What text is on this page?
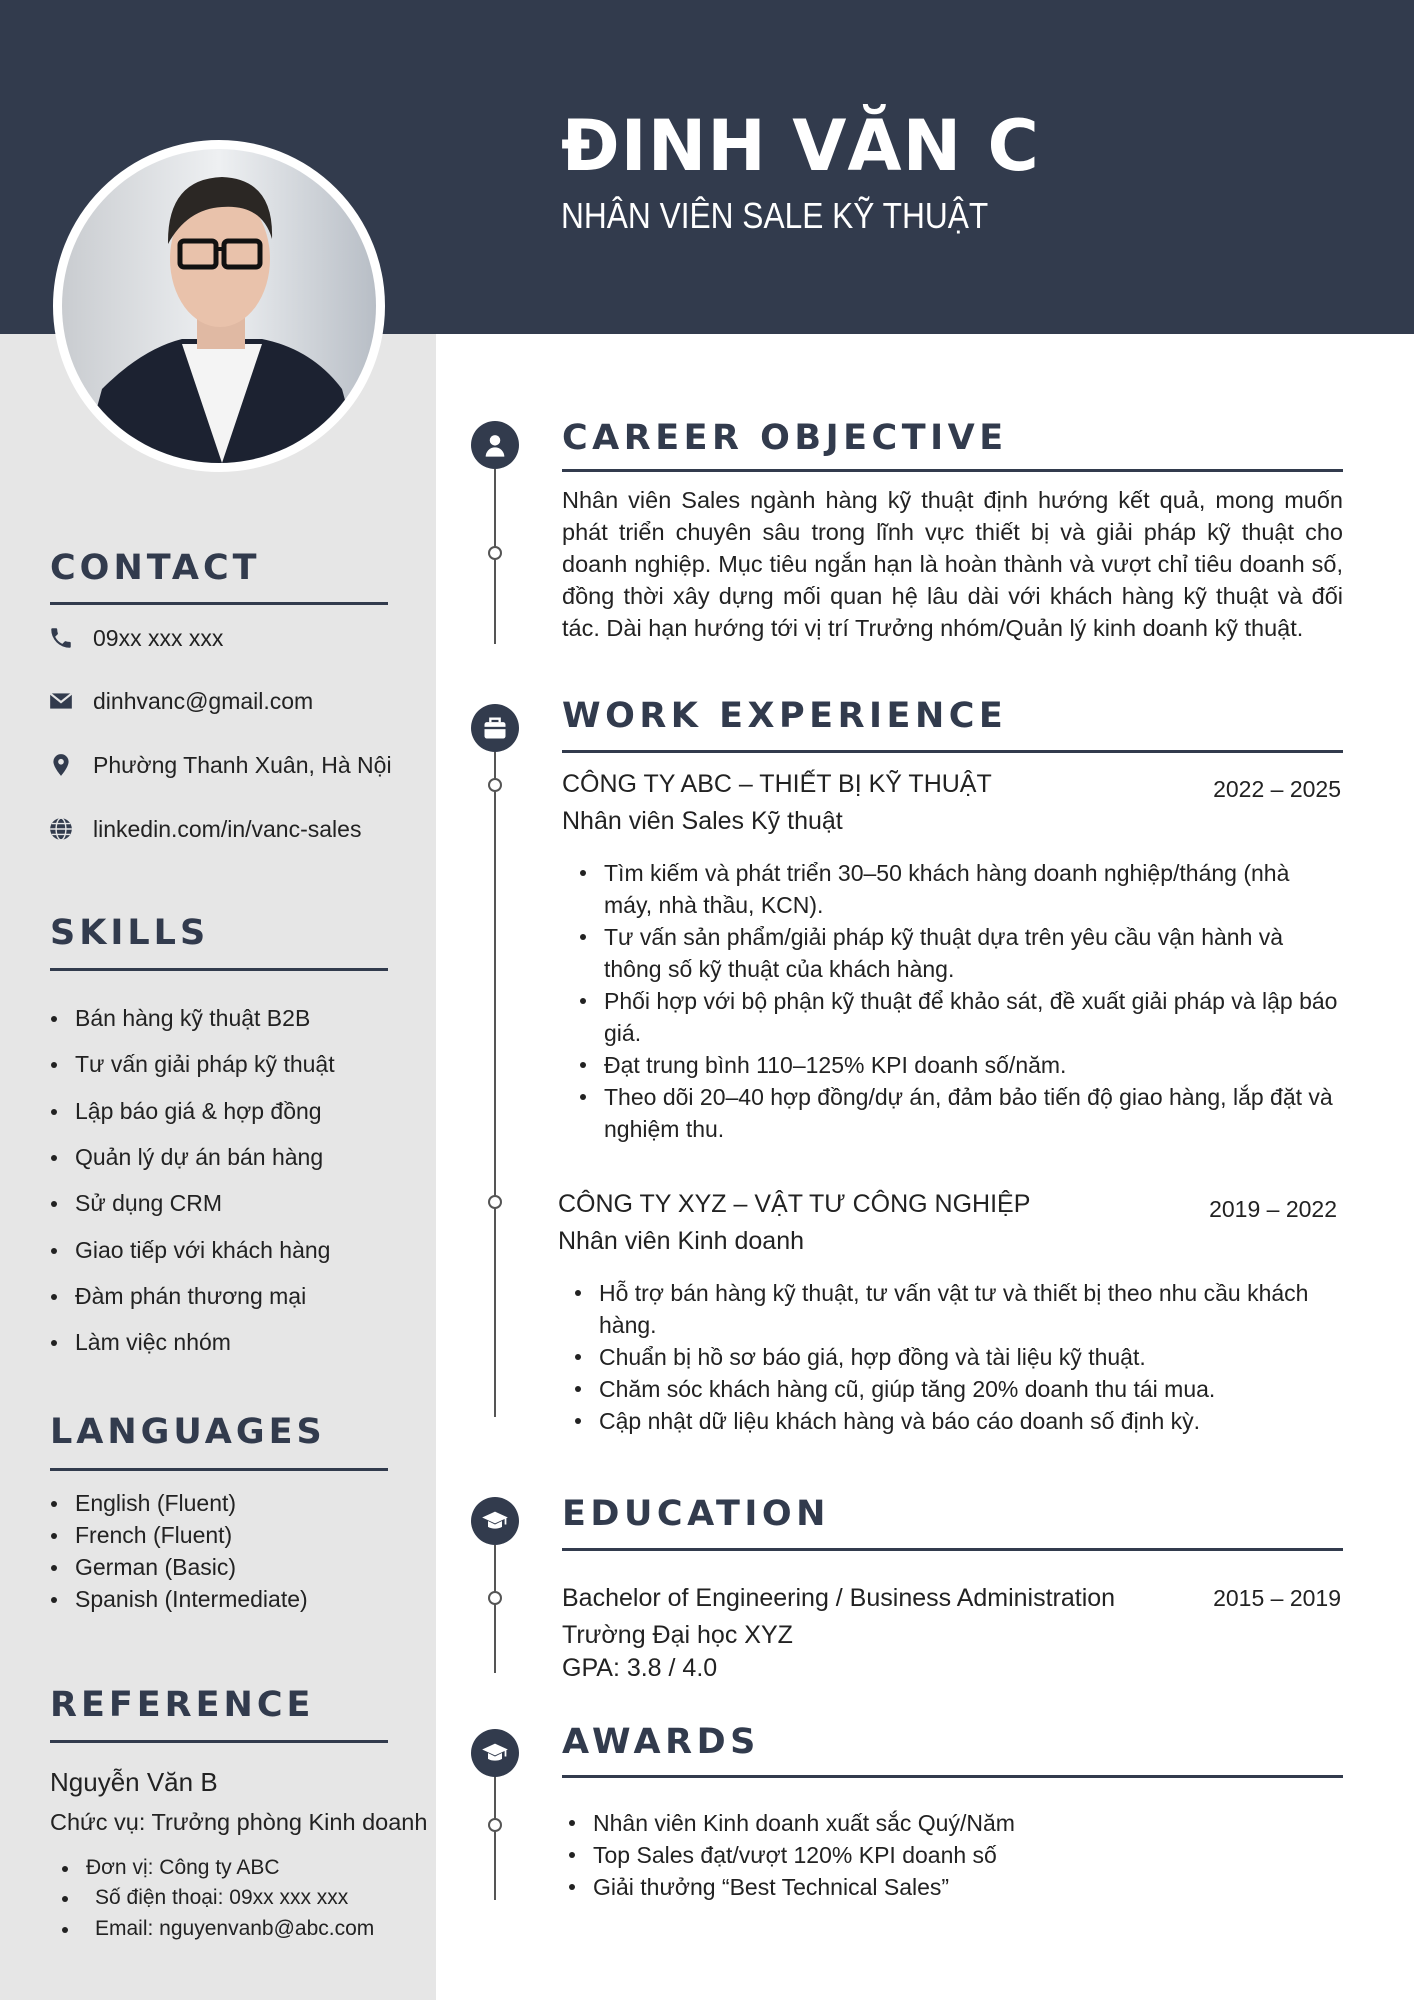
ĐINH VĂN C
NHÂN VIÊN SALE KỸ THUẬT
CONTACT
09xx xxx xxx
dinhvanc@gmail.com
Phường Thanh Xuân, Hà Nội
linkedin.com/in/vanc-sales
SKILLS
Bán hàng kỹ thuật B2B
Tư vấn giải pháp kỹ thuật
Lập báo giá & hợp đồng
Quản lý dự án bán hàng
Sử dụng CRM
Giao tiếp với khách hàng
Đàm phán thương mại
Làm việc nhóm
LANGUAGES
English (Fluent)
French (Fluent)
German (Basic)
Spanish (Intermediate)
REFERENCE
Nguyễn Văn B
Chức vụ: Trưởng phòng Kinh doanh
Đơn vị: Công ty ABC
Số điện thoại: 09xx xxx xxx
Email: nguyenvanb@abc.com
CAREER OBJECTIVE
Nhân viên Sales ngành hàng kỹ thuật định hướng kết quả, mong muốn phát triển chuyên sâu trong lĩnh vực thiết bị và giải pháp kỹ thuật cho doanh nghiệp. Mục tiêu ngắn hạn là hoàn thành và vượt chỉ tiêu doanh số, đồng thời xây dựng mối quan hệ lâu dài với khách hàng kỹ thuật và đối tác. Dài hạn hướng tới vị trí Trưởng nhóm/Quản lý kinh doanh kỹ thuật.
WORK EXPERIENCE
CÔNG TY ABC – THIẾT BỊ KỸ THUẬT	2022 – 2025
Nhân viên Sales Kỹ thuật
Tìm kiếm và phát triển 30–50 khách hàng doanh nghiệp/tháng (nhà máy, nhà thầu, KCN).
Tư vấn sản phẩm/giải pháp kỹ thuật dựa trên yêu cầu vận hành và thông số kỹ thuật của khách hàng.
Phối hợp với bộ phận kỹ thuật để khảo sát, đề xuất giải pháp và lập báo giá.
Đạt trung bình 110–125% KPI doanh số/năm.
Theo dõi 20–40 hợp đồng/dự án, đảm bảo tiến độ giao hàng, lắp đặt và nghiệm thu.
CÔNG TY XYZ – VẬT TƯ CÔNG NGHIỆP	2019 – 2022
Nhân viên Kinh doanh
Hỗ trợ bán hàng kỹ thuật, tư vấn vật tư và thiết bị theo nhu cầu khách hàng.
Chuẩn bị hồ sơ báo giá, hợp đồng và tài liệu kỹ thuật.
Chăm sóc khách hàng cũ, giúp tăng 20% doanh thu tái mua.
Cập nhật dữ liệu khách hàng và báo cáo doanh số định kỳ.
EDUCATION
Bachelor of Engineering / Business Administration	2015 – 2019
Trường Đại học XYZ
GPA: 3.8 / 4.0
AWARDS
Nhân viên Kinh doanh xuất sắc Quý/Năm
Top Sales đạt/vượt 120% KPI doanh số
Giải thưởng “Best Technical Sales”
